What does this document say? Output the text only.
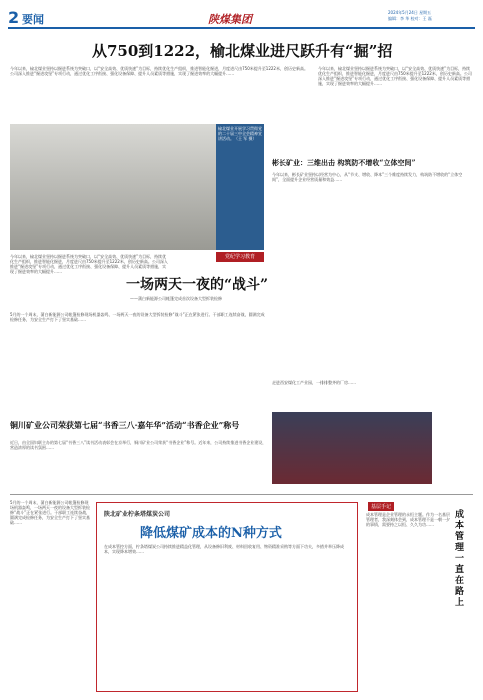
2 要闻	陕煤集团
2024年5月24日 星期五
编辑：李 华 校对：王 磊
从750到1222，榆北煤业进尺跃升有“掘”招
今年以来，榆北煤业坚持以掘进系统为突破口，以“安全高效、优质快速”为目标，持续优化生产组织，推进智能化掘进，月度进尺由750米提升至1222米，创历史新高。公司深入推进“掘进攻坚”专项行动，通过优化工序衔接、强化设备保障、提升人员素质等措施，实现了掘进效率的大幅提升……
今年以来，榆北煤业坚持以掘进系统为突破口，以“安全高效、优质快速”为目标，持续优化生产组织，推进智能化掘进，月度进尺由750米提升至1222米，创历史新高。公司深入推进“掘进攻坚”专项行动，通过优化工序衔接、强化设备保障、提升人员素质等措施，实现了掘进效率的大幅提升……
榆北煤业开展学习贯彻党的二十届三中全会精神宣讲活动。（王 军 摄）
今年以来，榆北煤业坚持以掘进系统为突破口，以“安全高效、优质快速”为目标，持续优化生产组织，推进智能化掘进，月度进尺由750米提升至1222米，创历史新高。公司深入推进“掘进攻坚”专项行动，通过优化工序衔接、强化设备保障、提升人员素质等措施，实现了掘进效率的大幅提升……
彬长矿业：三维出击 构筑防不增收“立体空间”
今年以来，彬长矿业坚持以经营为中心，从“节支、增收、降本”三个维度持续发力，构筑防不增收的“立体空间”，全面提升企业经营质量和效益……
走进西安煤化工产业园，一排排整齐的厂房……
党纪学习教育
一场两天一夜的“战斗”
——蒲白新能源公司帐篷完成首次设备大型拆装检修
5月的一个周末，蒲白新能源公司帐篷检修现场机器轰鸣，一场两天一夜的设备大型拆装检修“战斗”正在紧张进行。干部职工连续奋战，圆满完成检修任务，为安全生产打下了坚实基础……
铜川矿业公司荣获第七届“书香三八·嘉年华”活动“书香企业”称号
近日，由全国妇联主办的第七届“书香三八”读书活动表彰会在京举行，铜川矿业公司荣获“书香企业”称号。近年来，公司持续推进书香企业建设，营造浓厚的读书氛围……
5月的一个周末，蒲白新能源公司帐篷检修现场机器轰鸣，一场两天一夜的设备大型拆装检修“战斗”正在紧张进行。干部职工连续奋战，圆满完成检修任务，为安全生产打下了坚实基础……
陕北矿业柠条塔煤炭公司
降低煤矿成本的N种方式
在成本管控方面，柠条塔煤炭公司持续推进精益化管理，从设备修旧利废、材料回收复用、物资精准采购等方面下功夫，多措并举压降成本，实现降本增效……
基层手记
成本管理一直在路上
成本管理是企业管理的永恒主题。作为一名基层管理者，我深刻体会到，成本管理不是一朝一夕的事情，需要持之以恒、久久为功……
